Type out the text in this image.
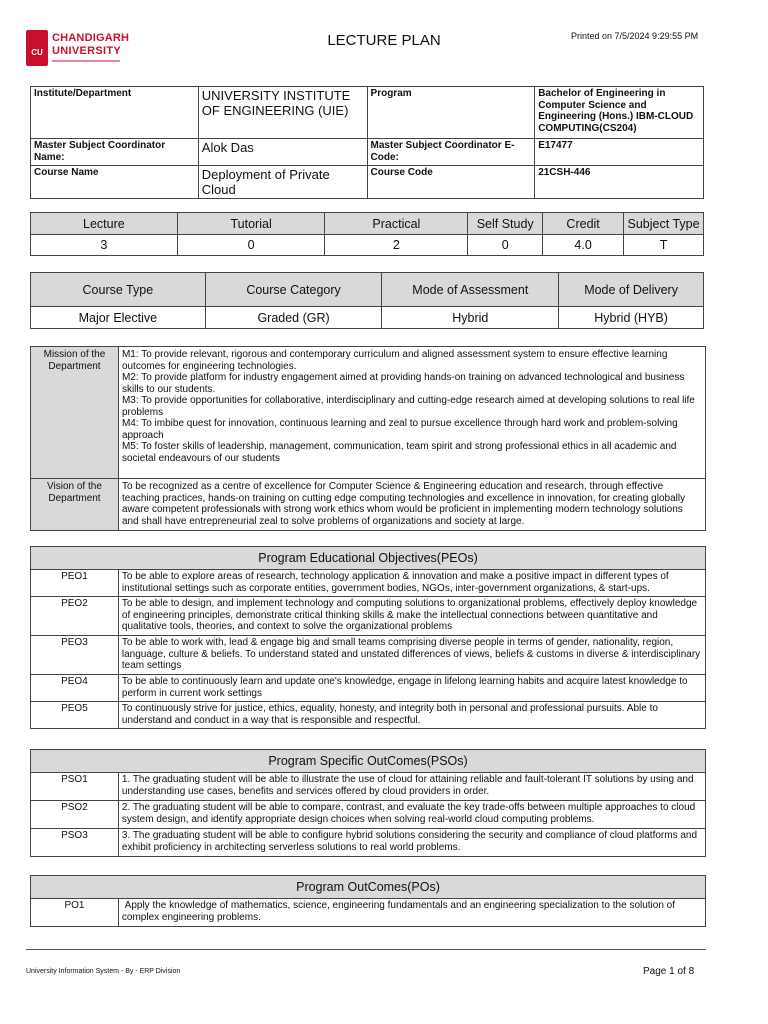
CU
CHANDIGARH
UNIVERSITY
LECTURE PLAN	Printed on 7/5/2024 9:29:55 PM
Institute/Department	UNIVERSITY INSTITUTE OF ENGINEERING (UIE)	Program	Bachelor of Engineering in Computer Science and Engineering (Hons.) IBM-CLOUD COMPUTING(CS204)
Master Subject Coordinator Name:	Alok Das	Master Subject Coordinator E-Code:	E17477
Course Name	Deployment of Private Cloud	Course Code	21CSH-446
Lecture	Tutorial	Practical	Self Study	Credit	Subject Type
3	0	2	0	4.0	T
Course Type	Course Category	Mode of Assessment	Mode of Delivery
Major Elective	Graded (GR)	Hybrid	Hybrid (HYB)
Mission of the Department	M1: To provide relevant, rigorous and contemporary curriculum and aligned assessment system to ensure effective learning outcomes for engineering technologies.
M2: To provide platform for industry engagement aimed at providing hands-on training on advanced technological and business skills to our students.
M3: To provide opportunities for collaborative, interdisciplinary and cutting-edge research aimed at developing solutions to real life problems
M4: To imbibe quest for innovation, continuous learning and zeal to pursue excellence through hard work and problem-solving approach
M5: To foster skills of leadership, management, communication, team spirit and strong professional ethics in all academic and societal endeavours of our students

Vision of the Department	To be recognized as a centre of excellence for Computer Science & Engineering education and research, through effective teaching practices, hands-on training on cutting edge computing technologies and excellence in innovation, for creating globally aware competent professionals with strong work ethics whom would be proficient in implementing modern technology solutions and shall have entrepreneurial zeal to solve problems of organizations and society at large.
Program Educational Objectives(PEOs)	
PEO1	To be able to explore areas of research, technology application & innovation and make a positive impact in different types of institutional settings such as corporate entities, government bodies, NGOs, inter-government organizations, & start-ups.
PEO2	To be able to design, and implement technology and computing solutions to organizational problems, effectively deploy knowledge of engineering principles, demonstrate critical thinking skills & make the intellectual connections between quantitative and qualitative tools, theories, and context to solve the organizational problems
PEO3	To be able to work with, lead & engage big and small teams comprising diverse people in terms of gender, nationality, region, language, culture & beliefs. To understand stated and unstated differences of views, beliefs & customs in diverse & interdisciplinary team settings
PEO4	To be able to continuously learn and update one's knowledge, engage in lifelong learning habits and acquire latest knowledge to perform in current work settings
PEO5	To continuously strive for justice, ethics, equality, honesty, and integrity both in personal and professional pursuits. Able to understand and conduct in a way that is responsible and respectful.
Program Specific OutComes(PSOs)	
PSO1	1. The graduating student will be able to illustrate the use of cloud for attaining reliable and fault-tolerant IT solutions by using and understanding use cases, benefits and services offered by cloud providers in order.
PSO2	2. The graduating student will be able to compare, contrast, and evaluate the key trade-offs between multiple approaches to cloud system design, and identify appropriate design choices when solving real-world cloud computing problems.
PSO3	3. The graduating student will be able to configure hybrid solutions considering the security and compliance of cloud platforms and exhibit proficiency in architecting serverless solutions to real world problems.
Program OutComes(POs)
PO1	Apply the knowledge of mathematics, science, engineering fundamentals and an engineering specialization to the solution of complex engineering problems.
University Information System - By - ERP Division	Page 1 of 8
